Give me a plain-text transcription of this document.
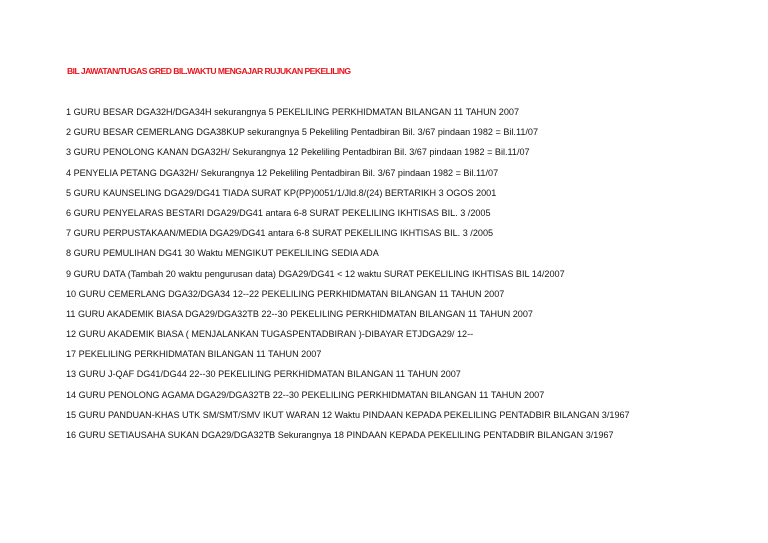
BIL JAWATAN/TUGAS GRED BIL.WAKTU MENGAJAR RUJUKAN PEKELILING
1 GURU BESAR DGA32H/DGA34H sekurangnya 5 PEKELILING PERKHIDMATAN BILANGAN 11 TAHUN 2007
2 GURU BESAR CEMERLANG DGA38KUP sekurangnya 5 Pekeliling Pentadbiran Bil. 3/67 pindaan 1982 = Bil.11/07
3 GURU PENOLONG KANAN DGA32H/ Sekurangnya 12 Pekeliling Pentadbiran Bil. 3/67 pindaan 1982 = Bil.11/07
4 PENYELIA PETANG DGA32H/ Sekurangnya 12 Pekeliling Pentadbiran Bil. 3/67 pindaan 1982 = Bil.11/07
5 GURU KAUNSELING DGA29/DG41 TIADA SURAT KP(PP)0051/1/Jld.8/(24) BERTARIKH 3 OGOS 2001
6 GURU PENYELARAS BESTARI DGA29/DG41 antara 6-8 SURAT PEKELILING IKHTISAS BIL. 3 /2005
7 GURU PERPUSTAKAAN/MEDIA DGA29/DG41 antara 6-8 SURAT PEKELILING IKHTISAS BIL. 3 /2005
8 GURU PEMULIHAN DG41 30 Waktu MENGIKUT PEKELILING SEDIA ADA
9 GURU DATA (Tambah 20 waktu pengurusan data) DGA29/DG41 < 12 waktu SURAT PEKELILING IKHTISAS BIL 14/2007
10 GURU CEMERLANG DGA32/DGA34 12--22 PEKELILING PERKHIDMATAN BILANGAN 11 TAHUN 2007
11 GURU AKADEMIK BIASA DGA29/DGA32TB 22--30 PEKELILING PERKHIDMATAN BILANGAN 11 TAHUN 2007
12 GURU AKADEMIK BIASA ( MENJALANKAN TUGASPENTADBIRAN )-DIBAYAR ETJDGA29/ 12--
17 PEKELILING PERKHIDMATAN BILANGAN 11 TAHUN 2007
13 GURU J-QAF DG41/DG44 22--30 PEKELILING PERKHIDMATAN BILANGAN 11 TAHUN 2007
14 GURU PENOLONG AGAMA DGA29/DGA32TB 22--30 PEKELILING PERKHIDMATAN BILANGAN 11 TAHUN 2007
15 GURU PANDUAN-KHAS UTK SM/SMT/SMV IKUT WARAN 12 Waktu PINDAAN KEPADA PEKELILING PENTADBIR BILANGAN 3/1967
16 GURU SETIAUSAHA SUKAN DGA29/DGA32TB Sekurangnya 18 PINDAAN KEPADA PEKELILING PENTADBIR BILANGAN 3/1967
